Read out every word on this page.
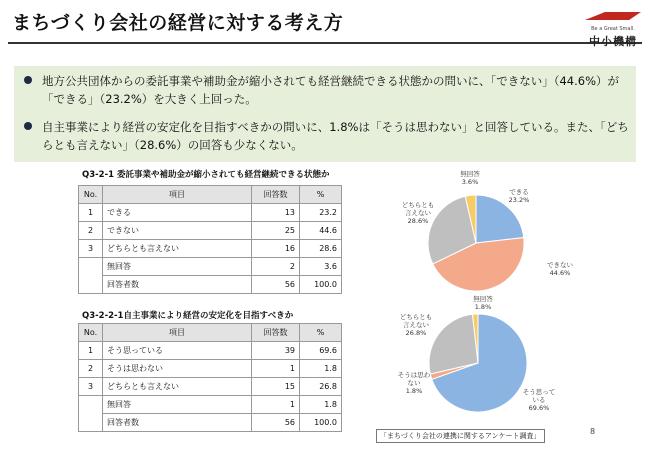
まちづくり会社の経営に対する考え方	Be a Great Small.
中小機構
地方公共団体からの委託事業や補助金が縮小されても経営継続できる状態かの問いに、「できない」（44.6%）が「できる」（23.2%）を大きく上回った。
自主事業により経営の安定化を目指すべきかの問いに、1.8%は「そうは思わない」と回答している。また、「どちらとも言えない」（28.6%）の回答も少なくない。
Q3-2-1 委託事業や補助金が縮小されても経営継続できる状態か
No.	項目	回答数	%
1	できる	13	23.2
2	できない	25	44.6
3	どちらとも言えない	16	28.6
	無回答	2	3.6
	回答者数	56	100.0
Q3-2-2-1自主事業により経営の安定化を目指すべきか
No.	項目	回答数	%
1	そう思っている	39	69.6
2	そうは思わない	1	1.8
3	どちらとも言えない	15	26.8
	無回答	1	1.8
	回答者数	56	100.0
できる 23.2%
できない 44.6%
どちらとも言えない 28.6%
無回答 3.6%
そう思っている 69.6%
そうは思わない 1.8%
どちらとも言えない 26.8%
無回答 1.8%
「まちづくり会社の連携に関するアンケート調査」	8
